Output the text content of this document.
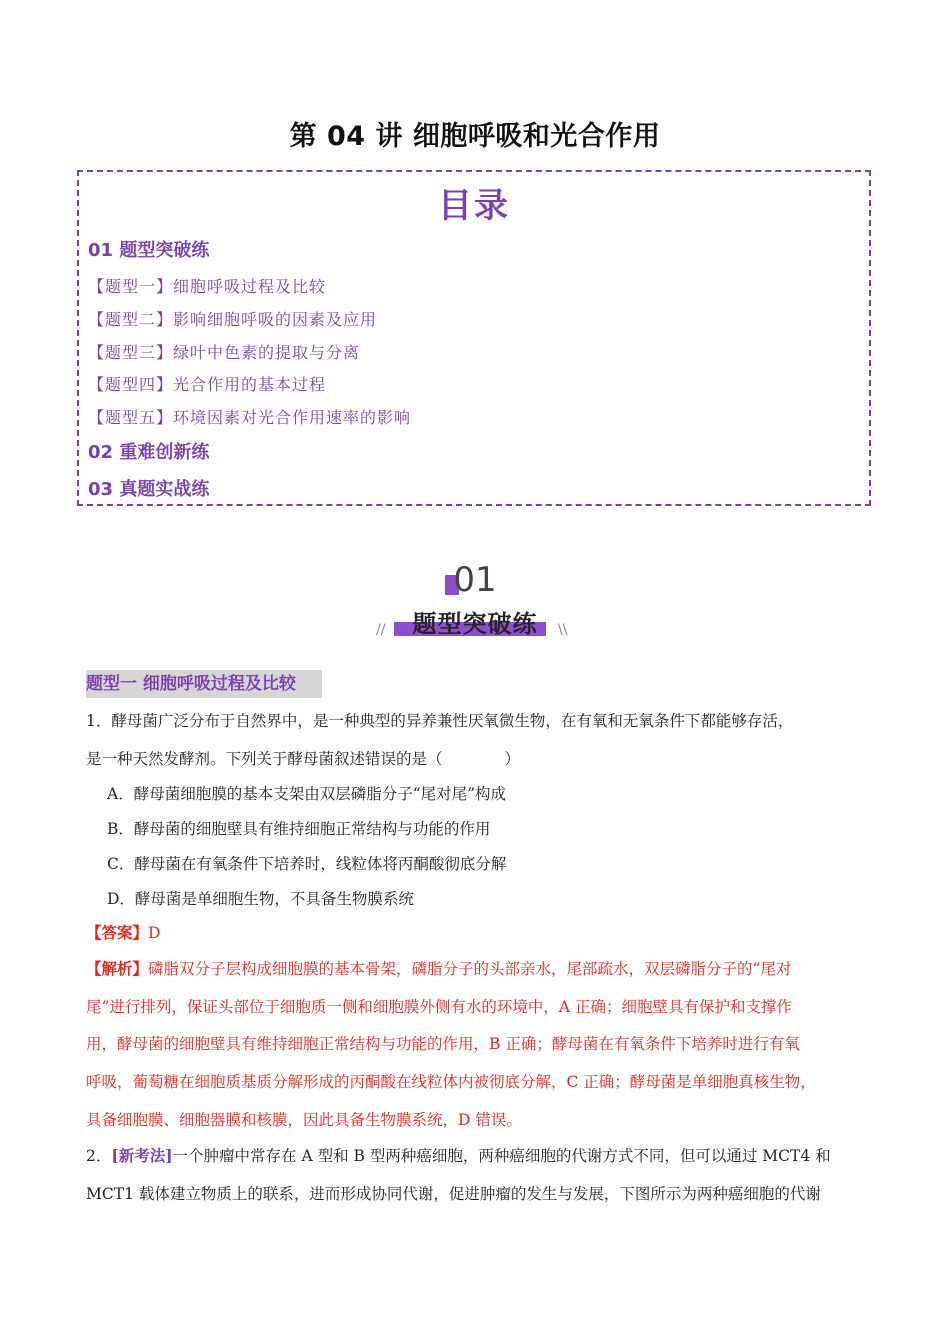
第 04 讲 细胞呼吸和光合作用
目录
01 题型突破练
【题型一】细胞呼吸过程及比较
【题型二】影响细胞呼吸的因素及应用
【题型三】绿叶中色素的提取与分离
【题型四】光合作用的基本过程
【题型五】环境因素对光合作用速率的影响
02 重难创新练
03 真题实战练
01
题型突破练
//	\\
题型一 细胞呼吸过程及比较
1．酵母菌广泛分布于自然界中，是一种典型的异养兼性厌氧微生物，在有氧和无氧条件下都能够存活，
是一种天然发酵剂。下列关于酵母菌叙述错误的是（　　　　）
A．酵母菌细胞膜的基本支架由双层磷脂分子“尾对尾”构成
B．酵母菌的细胞壁具有维持细胞正常结构与功能的作用
C．酵母菌在有氧条件下培养时，线粒体将丙酮酸彻底分解
D．酵母菌是单细胞生物，不具备生物膜系统
【答案】D
【解析】磷脂双分子层构成细胞膜的基本骨架，磷脂分子的头部亲水，尾部疏水，双层磷脂分子的“尾对
尾”进行排列，保证头部位于细胞质一侧和细胞膜外侧有水的环境中，A 正确；细胞壁具有保护和支撑作
用，酵母菌的细胞壁具有维持细胞正常结构与功能的作用，B 正确；酵母菌在有氧条件下培养时进行有氧
呼吸，葡萄糖在细胞质基质分解形成的丙酮酸在线粒体内被彻底分解，C 正确；酵母菌是单细胞真核生物，
具备细胞膜、细胞器膜和核膜，因此具备生物膜系统，D 错误。
2．[新考法]一个肿瘤中常存在 A 型和 B 型两种癌细胞，两种癌细胞的代谢方式不同，但可以通过 MCT4 和
MCT1 载体建立物质上的联系，进而形成协同代谢，促进肿瘤的发生与发展，下图所示为两种癌细胞的代谢
